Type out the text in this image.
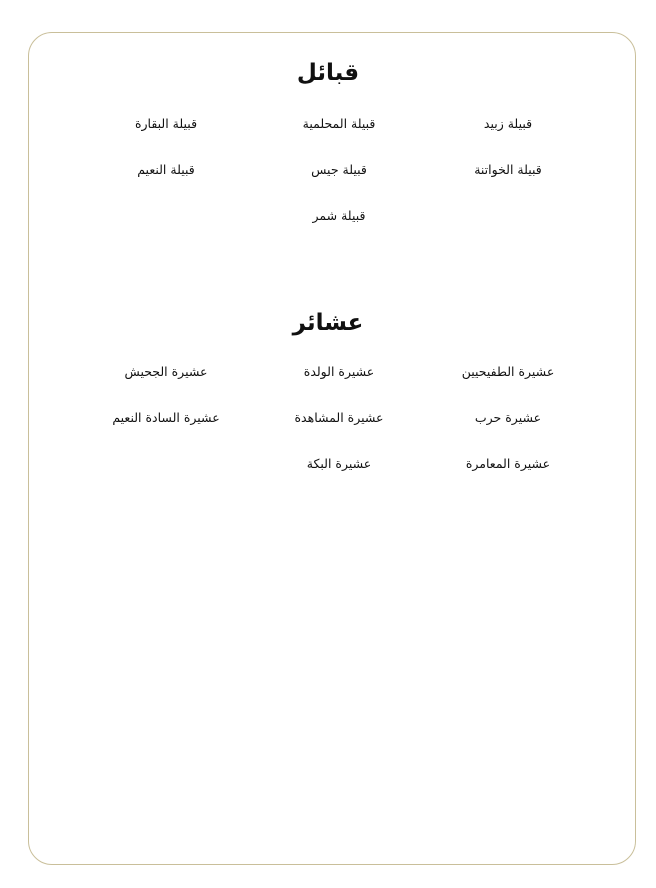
قبائل
قبيلة زبيد
قبيلة المحلمية
قبيلة البقارة
قبيلة الخواتنة
قبيلة جيس
قبيلة النعيم
قبيلة شمر
عشائر
عشيرة الطفيحيين
عشيرة الولدة
عشيرة الجحيش
عشيرة حرب
عشيرة المشاهدة
عشيرة السادة النعيم
عشيرة المعامرة
عشيرة البكة
